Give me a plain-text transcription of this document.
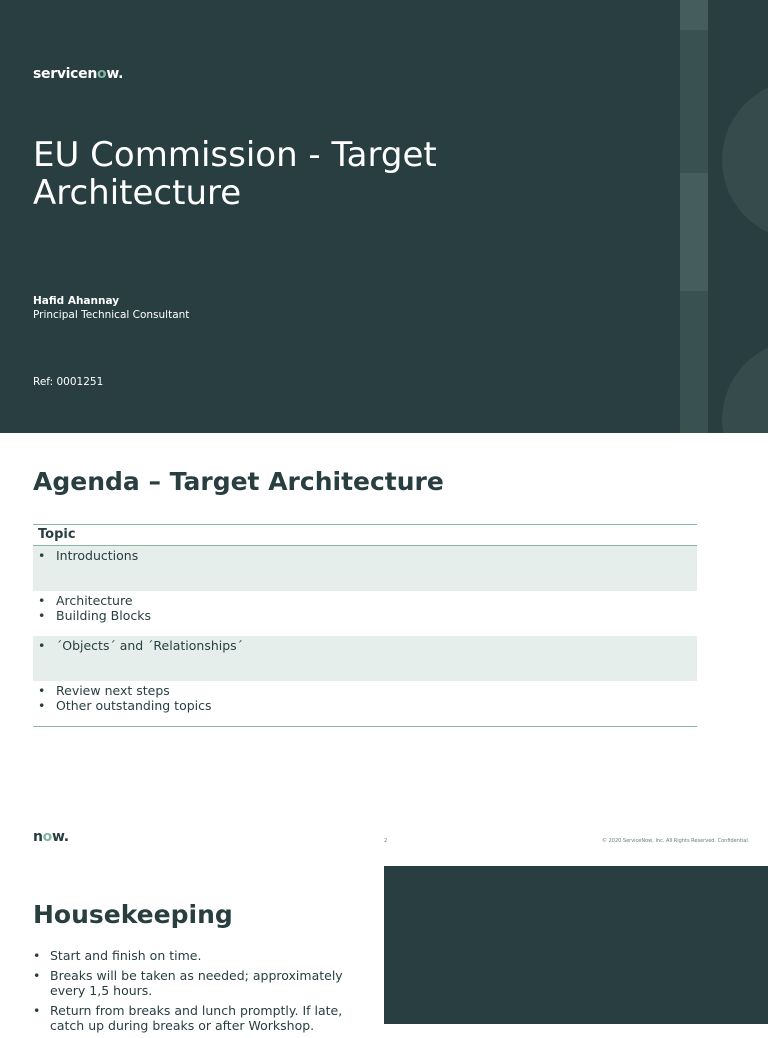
servicenow.
EU Commission - Target Architecture
Hafid Ahannay
Principal Technical Consultant
Ref: 0001251
Agenda – Target Architecture
Topic
• Introductions
• Architecture
• Building Blocks
• ´Objects´ and ´Relationships´
• Review next steps
• Other outstanding topics
now.	2	© 2020 ServiceNow, Inc. All Rights Reserved. Confidential.
Housekeeping
• Start and finish on time.
• Breaks will be taken as needed; approximately every 1,5 hours.
• Return from breaks and lunch promptly. If late, catch up during breaks or after Workshop.
